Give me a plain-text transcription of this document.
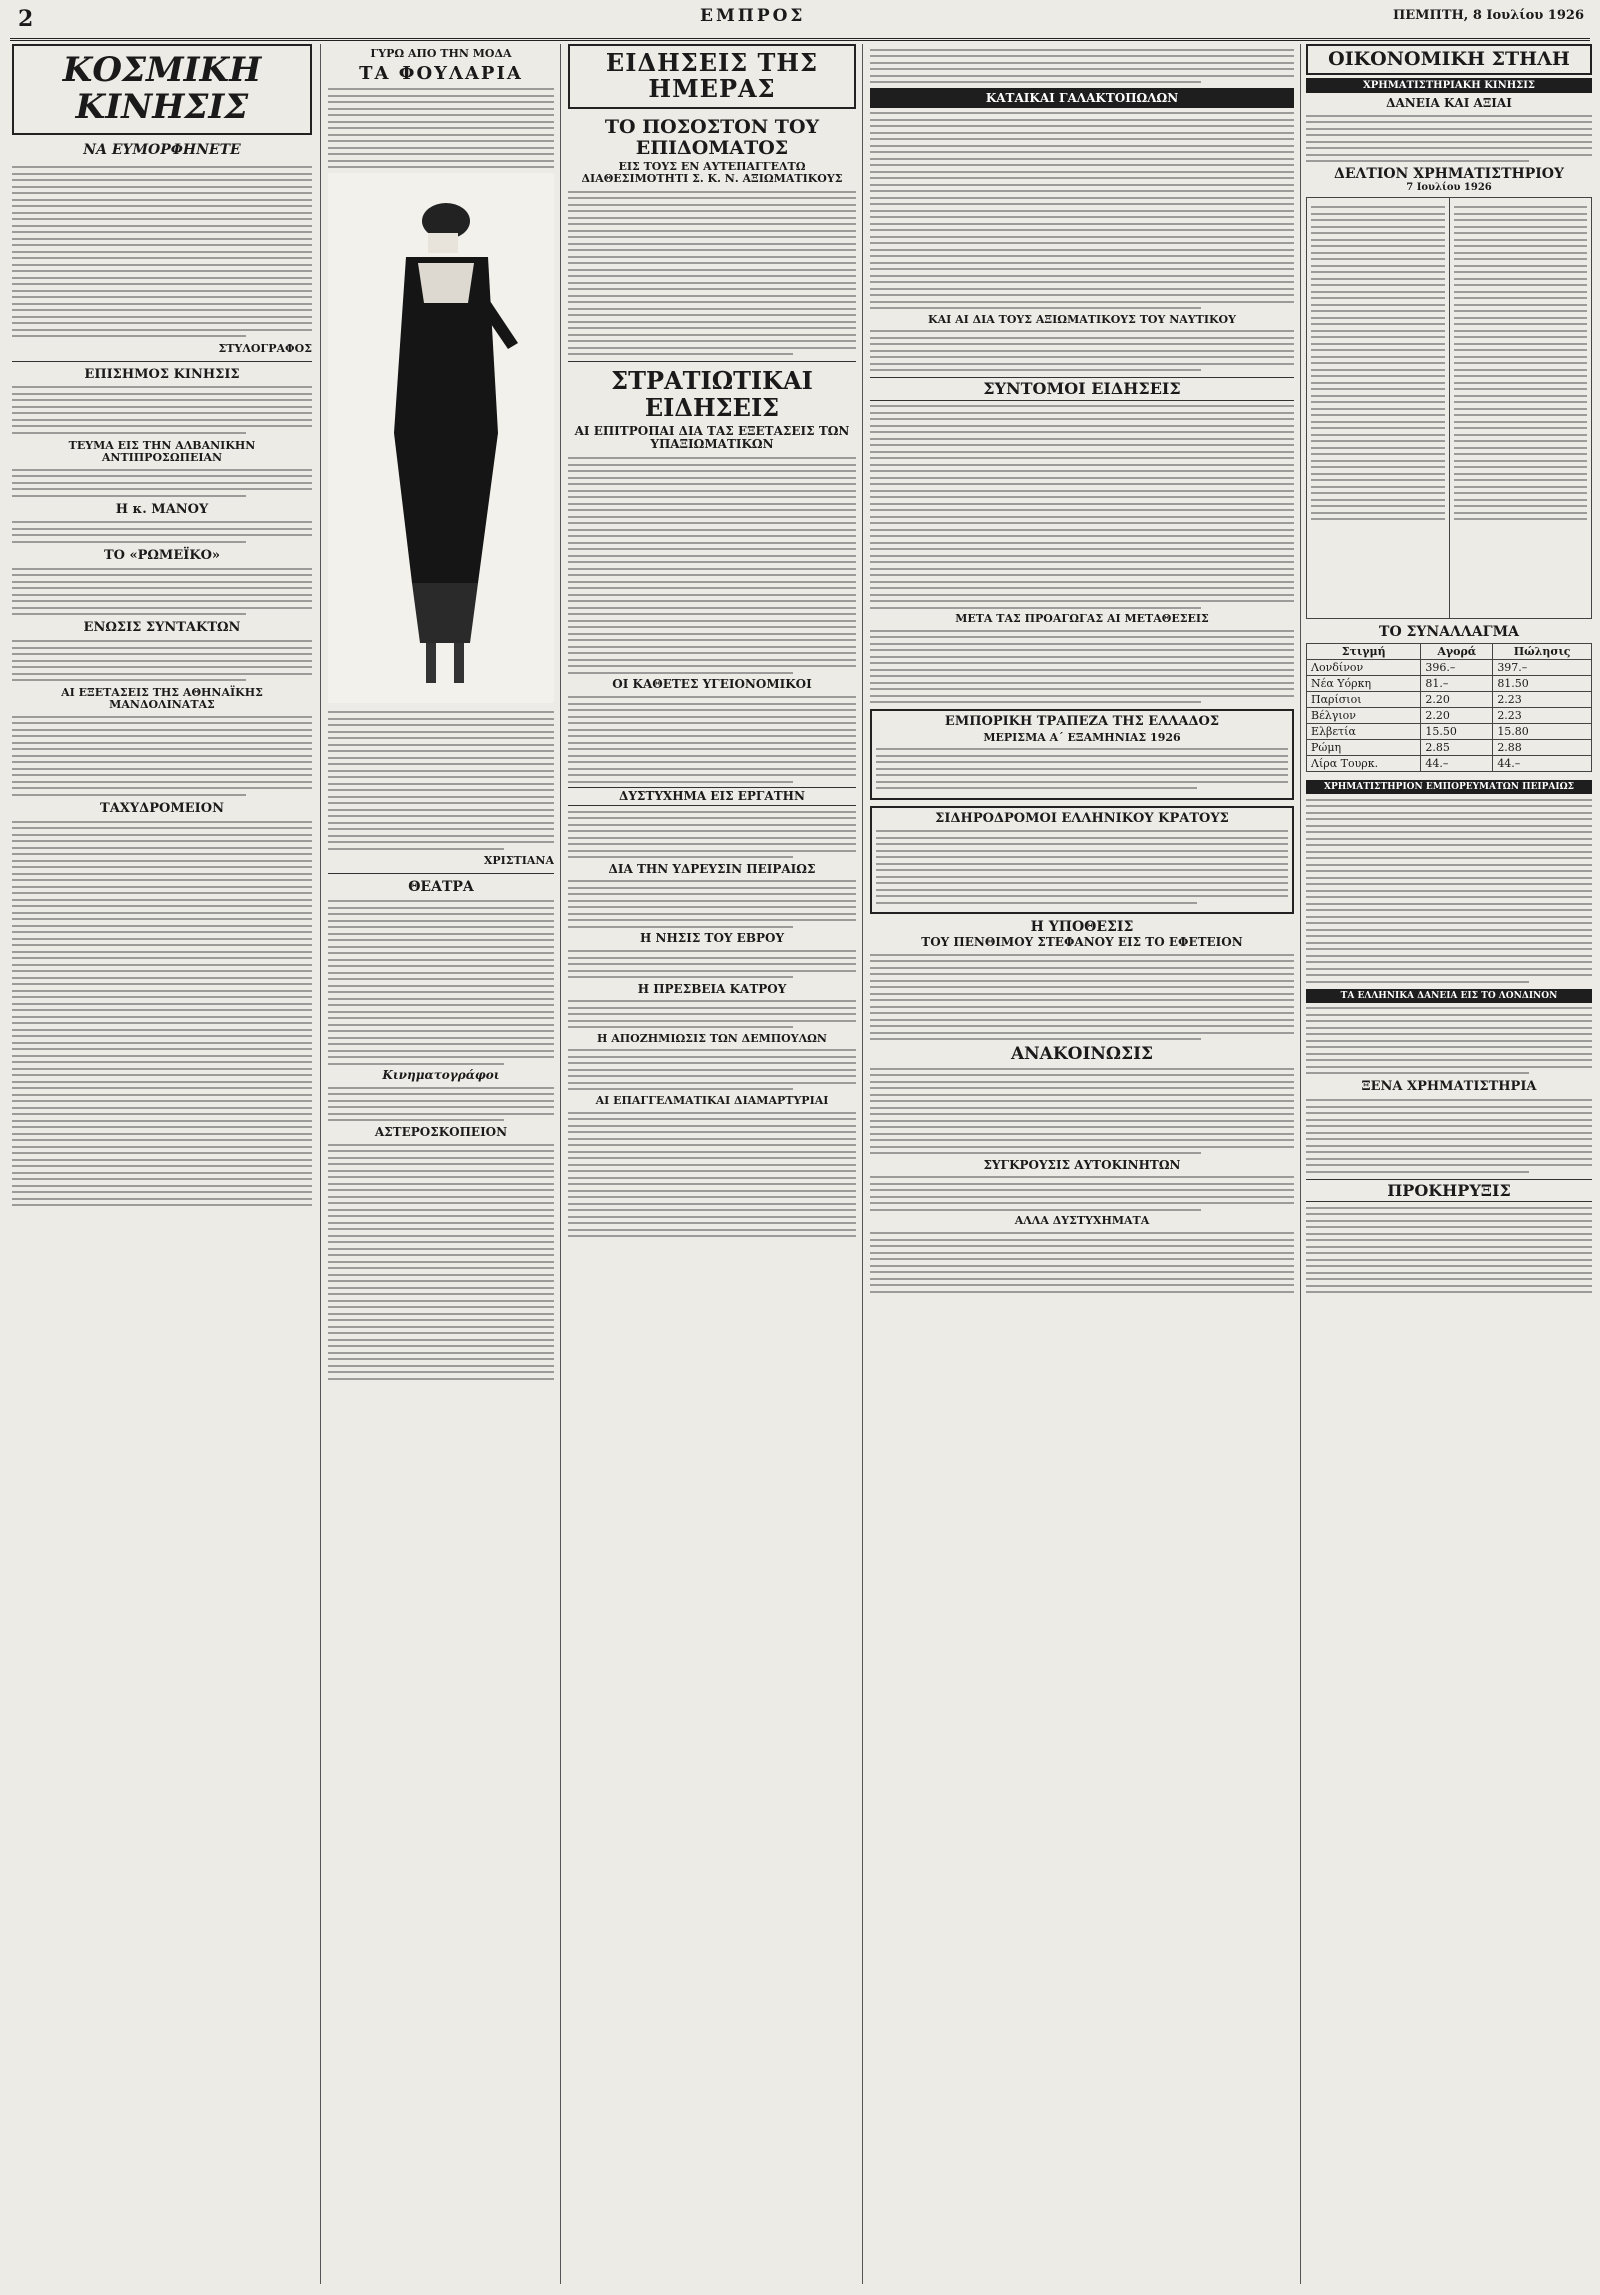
2	ΕΜΠΡΟΣ	ΠΕΜΠΤΗ, 8 Ιουλίου 1926
ΚΟΣΜΙΚΗ ΚΙΝΗΣΙΣ
ΝΑ ΕΥΜΟΡΦΗΝΕΤΕ
ΣΤΥΛΟΓΡΑΦΟΣ
ΕΠΙΣΗΜΟΣ ΚΙΝΗΣΙΣ
ΤΕΥΜΑ ΕΙΣ ΤΗΝ ΑΛΒΑΝΙΚΗΝ ΑΝΤΙΠΡΟΣΩΠΕΙΑΝ
Η κ. ΜΑΝΟΥ
ΤΟ «ΡΩΜΕΪΚΟ»
ΕΝΩΣΙΣ ΣΥΝΤΑΚΤΩΝ
ΑΙ ΕΞΕΤΑΣΕΙΣ ΤΗΣ ΑΘΗΝΑΪΚΗΣ ΜΑΝΔΟΛΙΝΑΤΑΣ
ΤΑΧΥΔΡΟΜΕΙΟΝ
ΓΥΡΩ ΑΠΟ ΤΗΝ ΜΟΔΑ
ΤΑ ΦΟΥΛΑΡΙΑ
ΧΡΙΣΤΙΑΝΑ
ΘΕΑΤΡΑ
Κινηματογράφοι
ΑΣΤΕΡΟΣΚΟΠΕΙΟΝ
ΕΙΔΗΣΕΙΣ ΤΗΣ ΗΜΕΡΑΣ
ΤΟ ΠΟΣΟΣΤΟΝ ΤΟΥ ΕΠΙΔΟΜΑΤΟΣ
ΕΙΣ ΤΟΥΣ ΕΝ ΑΥΤΕΠΑΓΓΕΛΤΩ ΔΙΑΘΕΣΙΜΟΤΗΤΙ Σ. Κ. Ν. ΑΞΙΩΜΑΤΙΚΟΥΣ
ΣΤΡΑΤΙΩΤΙΚΑΙ ΕΙΔΗΣΕΙΣ
ΑΙ ΕΠΙΤΡΟΠΑΙ ΔΙΑ ΤΑΣ ΕΞΕΤΑΣΕΙΣ ΤΩΝ ΥΠΑΞΙΩΜΑΤΙΚΩΝ
ΟΙ ΚΑΘΕΤΕΣ ΥΓΕΙΟΝΟΜΙΚΟΙ
ΔΥΣΤΥΧΗΜΑ ΕΙΣ ΕΡΓΑΤΗΝ
ΔΙΑ ΤΗΝ ΥΔΡΕΥΣΙΝ ΠΕΙΡΑΙΩΣ
Η ΝΗΣΙΣ ΤΟΥ ΕΒΡΟΥ
Η ΠΡΕΣΒΕΙΑ ΚΑΤΡΟΥ
Η ΑΠΟΖΗΜΙΩΣΙΣ ΤΩΝ ΔΕΜΠΟΥΛΩΝ
ΑΙ ΕΠΑΓΓΕΛΜΑΤΙΚΑΙ ΔΙΑΜΑΡΤΥΡΙΑΙ
ΚΑΤΑΙΚΑΙ ΓΑΛΑΚΤΟΠΩΛΩΝ
ΚΑΙ ΑΙ ΔΙΑ ΤΟΥΣ ΑΞΙΩΜΑΤΙΚΟΥΣ ΤΟΥ ΝΑΥΤΙΚΟΥ
ΣΥΝΤΟΜΟΙ ΕΙΔΗΣΕΙΣ
ΜΕΤΑ ΤΑΣ ΠΡΟΑΓΩΓΑΣ ΑΙ ΜΕΤΑΘΕΣΕΙΣ
ΕΜΠΟΡΙΚΗ ΤΡΑΠΕΖΑ ΤΗΣ ΕΛΛΑΔΟΣ
ΜΕΡΙΣΜΑ Α΄ ΕΞΑΜΗΝΙΑΣ 1926
ΣΙΔΗΡΟΔΡΟΜΟΙ ΕΛΛΗΝΙΚΟΥ ΚΡΑΤΟΥΣ
Η ΥΠΟΘΕΣΙΣ
ΤΟΥ ΠΕΝΘΙΜΟΥ ΣΤΕΦΑΝΟΥ ΕΙΣ ΤΟ ΕΦΕΤΕΙΟΝ
ΑΝΑΚΟΙΝΩΣΙΣ
ΣΥΓΚΡΟΥΣΙΣ ΑΥΤΟΚΙΝΗΤΩΝ
ΑΛΛΑ ΔΥΣΤΥΧΗΜΑΤΑ
ΟΙΚΟΝΟΜΙΚΗ ΣΤΗΛΗ
ΧΡΗΜΑΤΙΣΤΗΡΙΑΚΗ ΚΙΝΗΣΙΣ
ΔΑΝΕΙΑ ΚΑΙ ΑΞΙΑΙ
ΔΕΛΤΙΟΝ ΧΡΗΜΑΤΙΣΤΗΡΙΟΥ
7 Ιουλίου 1926
ΤΟ ΣΥΝΑΛΛΑΓΜΑ
Στιγμή	Αγορά	Πώλησις
Λονδίνον	396.–	397.–
Νέα Υόρκη	81.–	81.50
Παρίσιοι	2.20	2.23
Βέλγιον	2.20	2.23
Ελβετία	15.50	15.80
Ρώμη	2.85	2.88
Λίρα Τουρκ.	44.–	44.–
ΧΡΗΜΑΤΙΣΤΗΡΙΟΝ ΕΜΠΟΡΕΥΜΑΤΩΝ ΠΕΙΡΑΙΩΣ
ΤΑ ΕΛΛΗΝΙΚΑ ΔΑΝΕΙΑ ΕΙΣ ΤΟ ΛΟΝΔΙΝΟΝ
ΞΕΝΑ ΧΡΗΜΑΤΙΣΤΗΡΙΑ
ΠΡΟΚΗΡΥΞΙΣ
